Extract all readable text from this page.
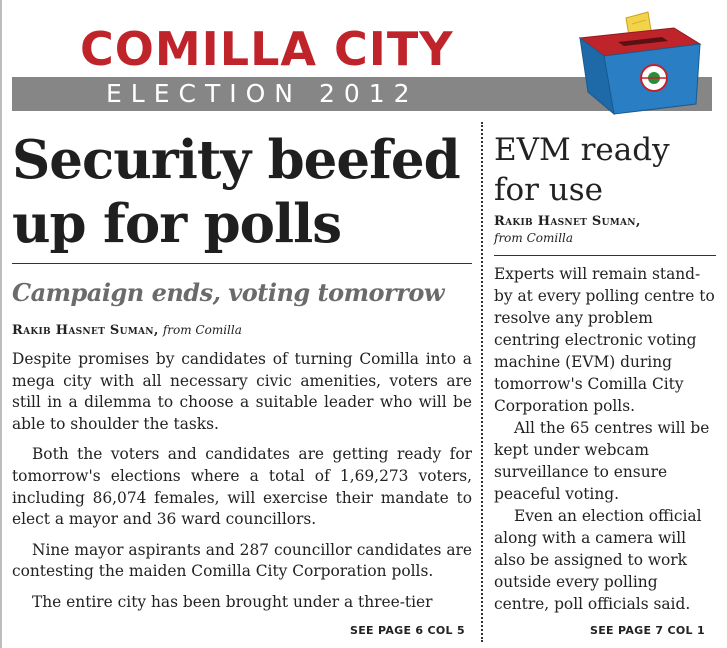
COMILLA CITY
ELECTION 2012
Security beefed up for polls
Campaign ends, voting tomorrow
Rakib Hasnet Suman, from Comilla

Despite promises by candidates of turning Comilla into a mega city with all necessary civic amenities, voters are still in a dilemma to choose a suitable leader who will be able to shoulder the tasks.

Both the voters and candidates are getting ready for tomorrow's elections where a total of 1,69,273 voters, including 86,074 females, will exercise their mandate to elect a mayor and 36 ward councillors.

Nine mayor aspirants and 287 councillor candidates are contesting the maiden Comilla City Corporation polls.

The entire city has been brought under a three-tier

SEE PAGE 6 COL 5
EVM ready for use
Rakib Hasnet Suman,
from Comilla

Experts will remain stand-by at every polling centre to resolve any problem centring electronic voting machine (EVM) during tomorrow's Comilla City Corporation polls.

All the 65 centres will be kept under webcam surveillance to ensure peaceful voting.

Even an election official along with a camera will also be assigned to work outside every polling centre, poll officials said.

SEE PAGE 7 COL 1
